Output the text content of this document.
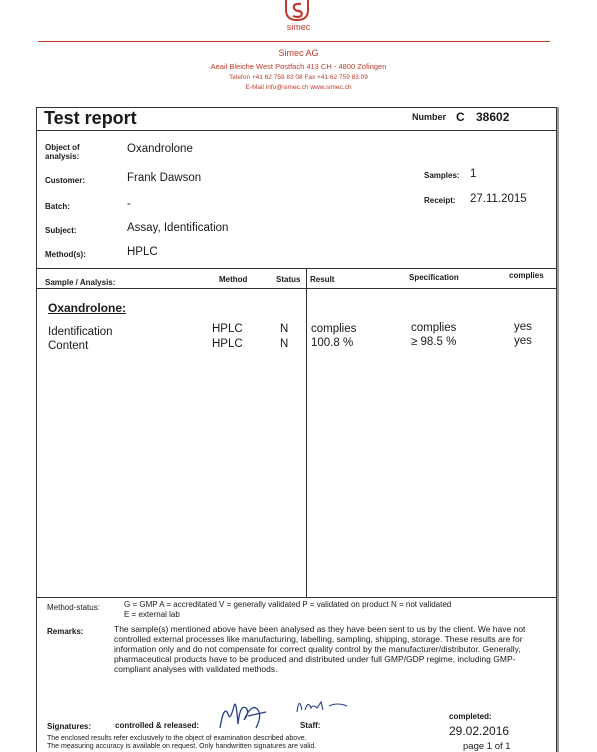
simec
Simec AG
Aeail Bleiche West Postfach 413 CH - 4800 Zofingen
Telefon +41 62 759 83 08 Fax +41 62 759 83 09
E-Mail info@simec.ch www.simec.ch
Test report	Number C 38602
Object of analysis:
Oxandrolone
Customer:	Frank Dawson	Samples: 1
Batch:	-	Receipt: 27.11.2015
Subject:	Assay, Identification
Method(s):	HPLC
Sample / Analysis:	Method	Status Result	Specification	complies
Oxandrolone:
Identification	HPLC	N complies	complies	yes
Content	HPLC	N 100.8 %	≥ 98.5 %	yes
Method-status:	G = GMP A = accreditated V = generally validated P = validated on product N = not validated
E = external lab
Remarks:	The sample(s) mentioned above have been analysed as they have been sent to us by the client. We have not controlled external processes like manufacturing, labelling, sampling, shipping, storage. These results are for information only and do not compensate for correct quality control by the manufacturer/distributor. Generally, pharmaceutical products have to be produced and distributed under full GMP/GDP regime, including GMP-compliant analyses with validated methods.
Signatures:	controlled & released:	Staff:
completed:
29.02.2016
page 1 of 1
The enclosed results refer exclusively to the object of examination described above.
The measuring accuracy is available on request. Only handwritten signatures are valid.
